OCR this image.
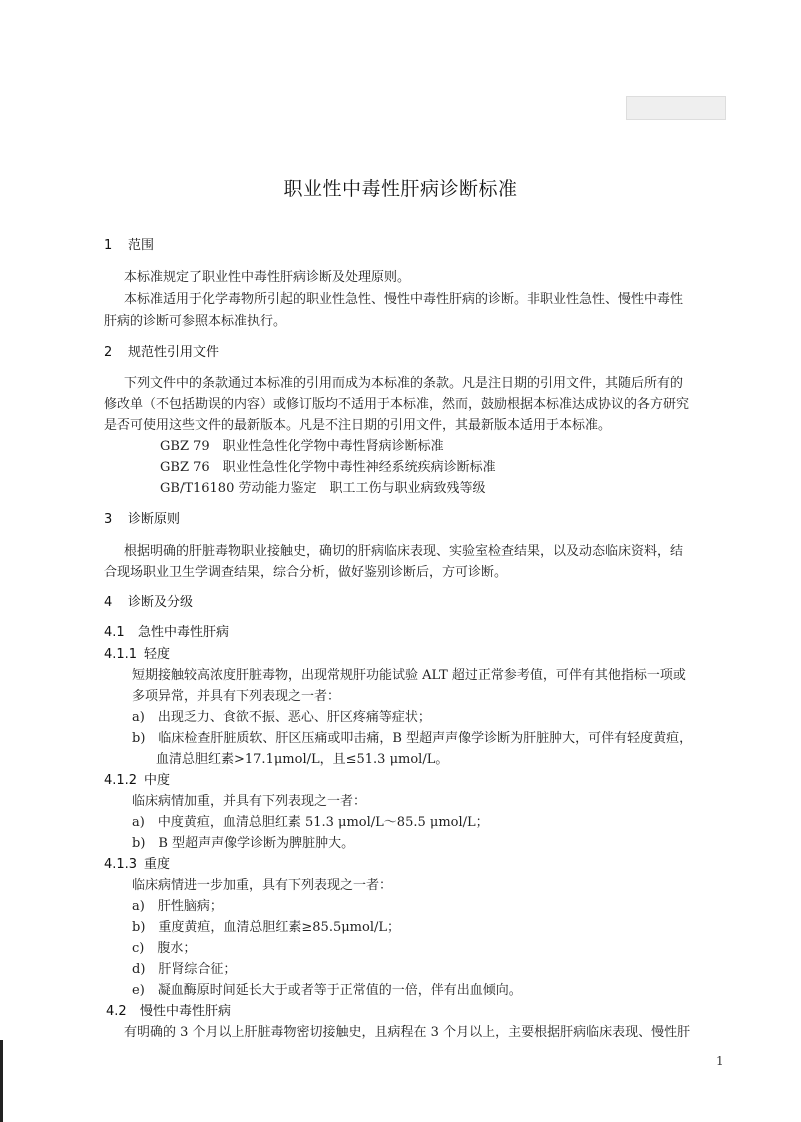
职业性中毒性肝病诊断标准
1 范围
本标准规定了职业性中毒性肝病诊断及处理原则。
本标准适用于化学毒物所引起的职业性急性、慢性中毒性肝病的诊断。非职业性急性、慢性中毒性
肝病的诊断可参照本标准执行。
2 规范性引用文件
下列文件中的条款通过本标准的引用而成为本标准的条款。凡是注日期的引用文件，其随后所有的
修改单（不包括勘误的内容）或修订版均不适用于本标准，然而，鼓励根据本标准达成协议的各方研究
是否可使用这些文件的最新版本。凡是不注日期的引用文件，其最新版本适用于本标准。
GBZ 79　职业性急性化学物中毒性肾病诊断标准
GBZ 76　职业性急性化学物中毒性神经系统疾病诊断标准
GB/T16180 劳动能力鉴定　职工工伤与职业病致残等级
3 诊断原则
根据明确的肝脏毒物职业接触史，确切的肝病临床表现、实验室检查结果，以及动态临床资料，结
合现场职业卫生学调查结果，综合分析，做好鉴别诊断后，方可诊断。
4 诊断及分级
4.1 急性中毒性肝病
4.1.1 轻度
短期接触较高浓度肝脏毒物，出现常规肝功能试验 ALT 超过正常参考值，可伴有其他指标一项或
多项异常，并具有下列表现之一者：
a)　出现乏力、食欲不振、恶心、肝区疼痛等症状；
b)　临床检查肝脏质软、肝区压痛或叩击痛，B 型超声声像学诊断为肝脏肿大，可伴有轻度黄疸，
血清总胆红素>17.1μmol/L，且≤51.3 μmol/L。
4.1.2 中度
临床病情加重，并具有下列表现之一者：
a)　中度黄疸，血清总胆红素 51.3 μmol/L～85.5 μmol/L；
b)　B 型超声声像学诊断为脾脏肿大。
4.1.3 重度
临床病情进一步加重，具有下列表现之一者：
a)　肝性脑病；
b)　重度黄疸，血清总胆红素≥85.5μmol/L；
c)　腹水；
d)　肝肾综合征；
e)　凝血酶原时间延长大于或者等于正常值的一倍，伴有出血倾向。
4.2 慢性中毒性肝病
有明确的 3 个月以上肝脏毒物密切接触史，且病程在 3 个月以上，主要根据肝病临床表现、慢性肝
1
